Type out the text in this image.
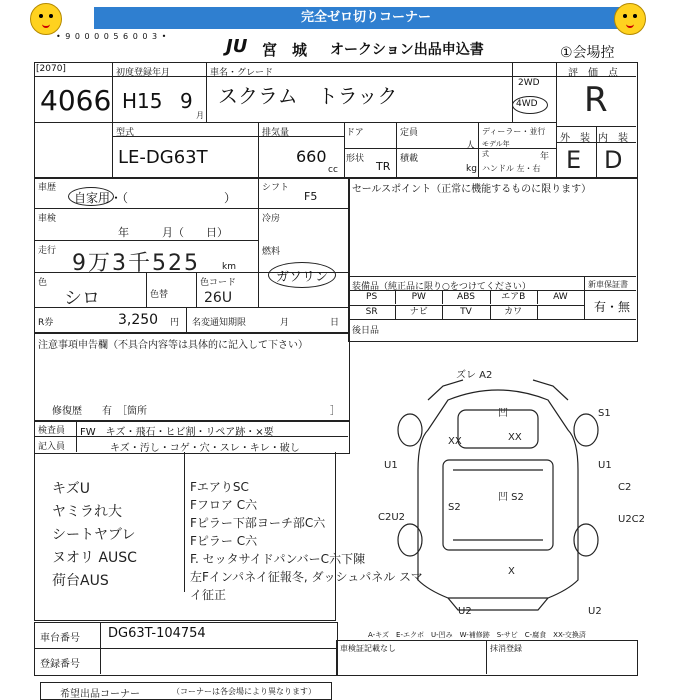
完全ゼロ切りコーナー
• 9 0 0 0 0 5 6 0 0 3 •	JU 宮　城 オークション出品申込書	①会場控
[2070]
4066
初度登録年月
H15 9
月
車名・グレード
スクラム　トラック
2WD
4WD
評　価　点
R
型式
LE-DG63T
排気量
660
cc
ドア	定員	ディーラー・並行
人 モデル年式	年
形状
TR
積載
kg ハンドル 左・右
外　装 内　装
E D
車歴
自家用・（　　　　　　　　）
シフト
F5
セールスポイント（正常に機能するものに限ります）
車検
年　　　月（　　日）
冷房
走行 9万3千525 km
燃料
ガソリン
色
シロ	色替
色コード
26U
R券	3,250 円 名変通知期限	月	日
装備品（純正品に限り○をつけてください）	新車保証書
有・無
PS	PW	ABS	エアB	AW
SR	ナビ	TV	カワ
後日品
注意事項申告欄（不具合内容等は具体的に記入して下さい）
修復歴　　有　［箇所	］
検査員
記入員
FW　キズ・飛石・ヒビ割・リペア跡・×要
キズ・汚し・コゲ・穴・スレ・キレ・破し
キズU
ヤミラれ大
シートヤブレ
ヌオリ AUSC
荷台AUS
FエアりSC
Fフロア C六
Fピラー下部ヨーチ部C六
Fピラー C六
F. セッタサイドパンバーC六下陳
左Fインパネイ征報冬, ダッシュパネル スマ
イ征正
ズレ A2
凹
XX	XX
S1
U1	U1
凹 S2
S2
C2
C2U2	U2C2
U2	U2
X
A-キズ　E-エクボ　U-凹み　W-補修跡　S-サビ　C-腐食　XX-交換済
車検証記載なし	抹消登録
車台番号 DG63T-104754
登録番号
希望出品コーナー	（コーナーは各会場により異なります）
